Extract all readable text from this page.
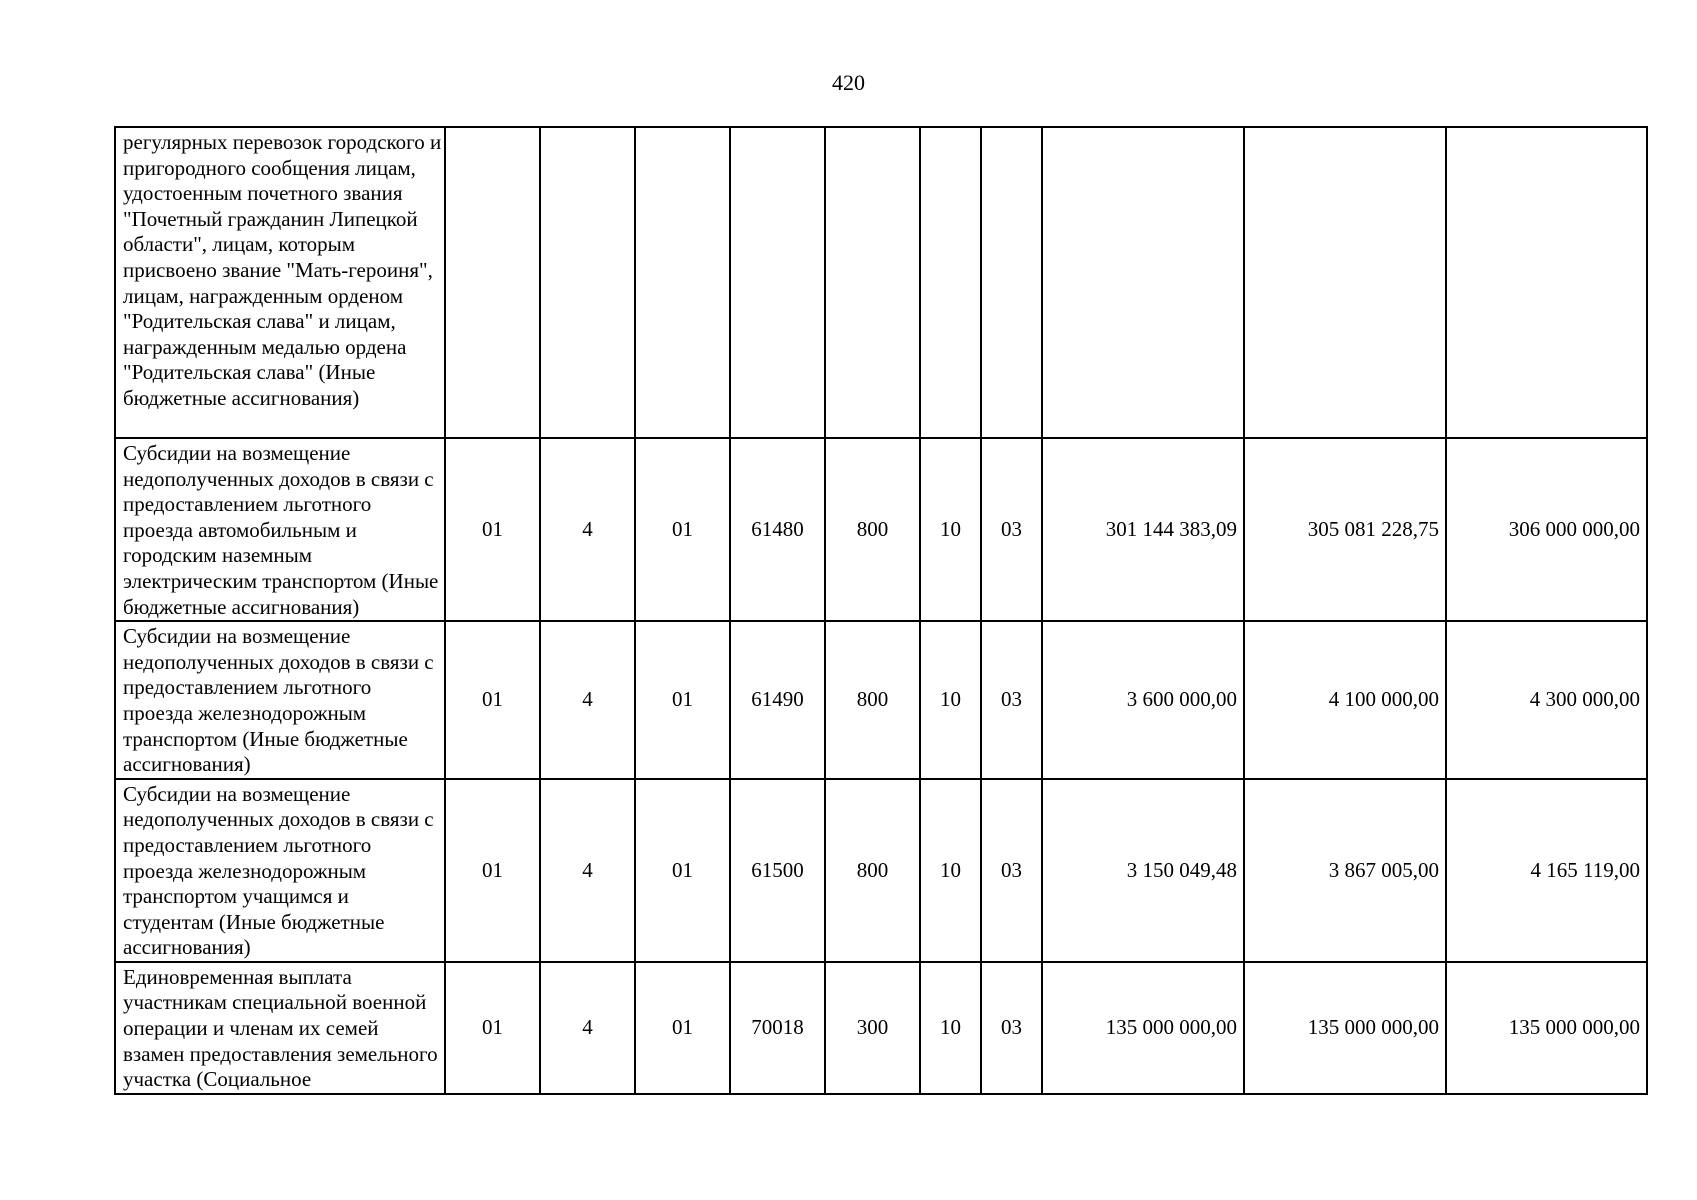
420
регулярных перевозок городского и пригородного сообщения лицам, удостоенным почетного звания "Почетный гражданин Липецкой области", лицам, которым присвоено звание "Мать-героиня", лицам, награжденным орденом "Родительская слава" и лицам, награжденным медалью ордена "Родительская слава" (Иные бюджетные ассигнования)										
Субсидии на возмещение недополученных доходов в связи с предоставлением льготного проезда автомобильным и городским наземным электрическим транспортом (Иные бюджетные ассигнования)	01	4	01	61480	800	10	03	301 144 383,09	305 081 228,75	306 000 000,00
Субсидии на возмещение недополученных доходов в связи с предоставлением льготного проезда железнодорожным транспортом (Иные бюджетные ассигнования)	01	4	01	61490	800	10	03	3 600 000,00	4 100 000,00	4 300 000,00
Субсидии на возмещение недополученных доходов в связи с предоставлением льготного проезда железнодорожным транспортом учащимся и студентам (Иные бюджетные ассигнования)	01	4	01	61500	800	10	03	3 150 049,48	3 867 005,00	4 165 119,00
Единовременная выплата участникам специальной военной операции и членам их семей взамен предоставления земельного участка (Социальное	01	4	01	70018	300	10	03	135 000 000,00	135 000 000,00	135 000 000,00
